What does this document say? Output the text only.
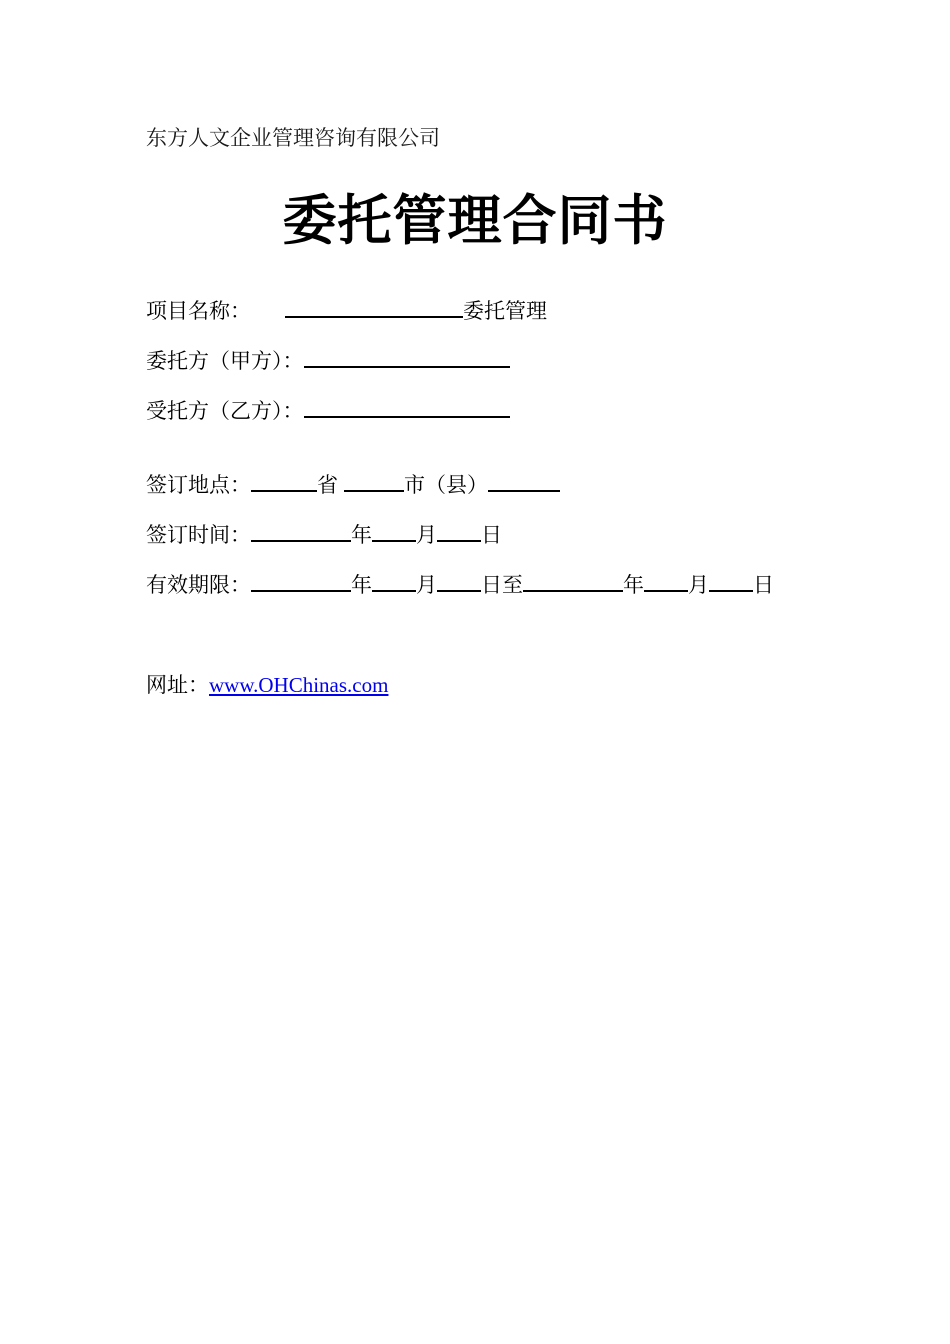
东方人文企业管理咨询有限公司
委托管理合同书
项目名称：	委托管理
委托方（甲方）：
受托方（乙方）：
签订地点：	省	市（县）
签订时间：	年 月 日
有效期限：	年 月 日至	年 月 日
网址：www.OHChinas.com
